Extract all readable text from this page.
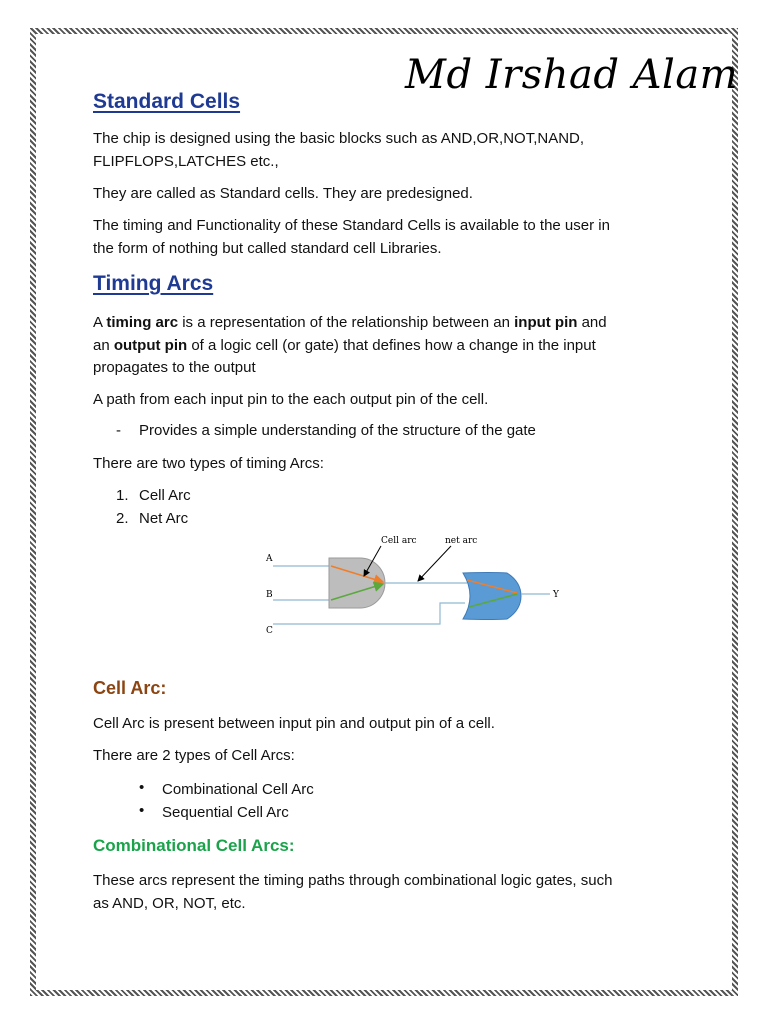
Md Irshad Alam
Standard Cells
The chip is designed using the basic blocks such as AND,OR,NOT,NAND,
FLIPFLOPS,LATCHES etc.,
They are called as Standard cells. They are predesigned.
The timing and Functionality of these Standard Cells is available to the user in
the form of nothing but called standard cell Libraries.
Timing Arcs
A timing arc is a representation of the relationship between an input pin and
an output pin of a logic cell (or gate) that defines how a change in the input
propagates to the output
A path from each input pin to the each output pin of the cell.
- Provides a simple understanding of the structure of the gate
There are two types of timing Arcs:
1. Cell Arc
2. Net Arc
Cell arc	net arc
A
B
C
Y
Cell Arc:
Cell Arc is present between input pin and output pin of a cell.
There are 2 types of Cell Arcs:
• Combinational Cell Arc
• Sequential Cell Arc
Combinational Cell Arcs:
These arcs represent the timing paths through combinational logic gates, such
as AND, OR, NOT, etc.
